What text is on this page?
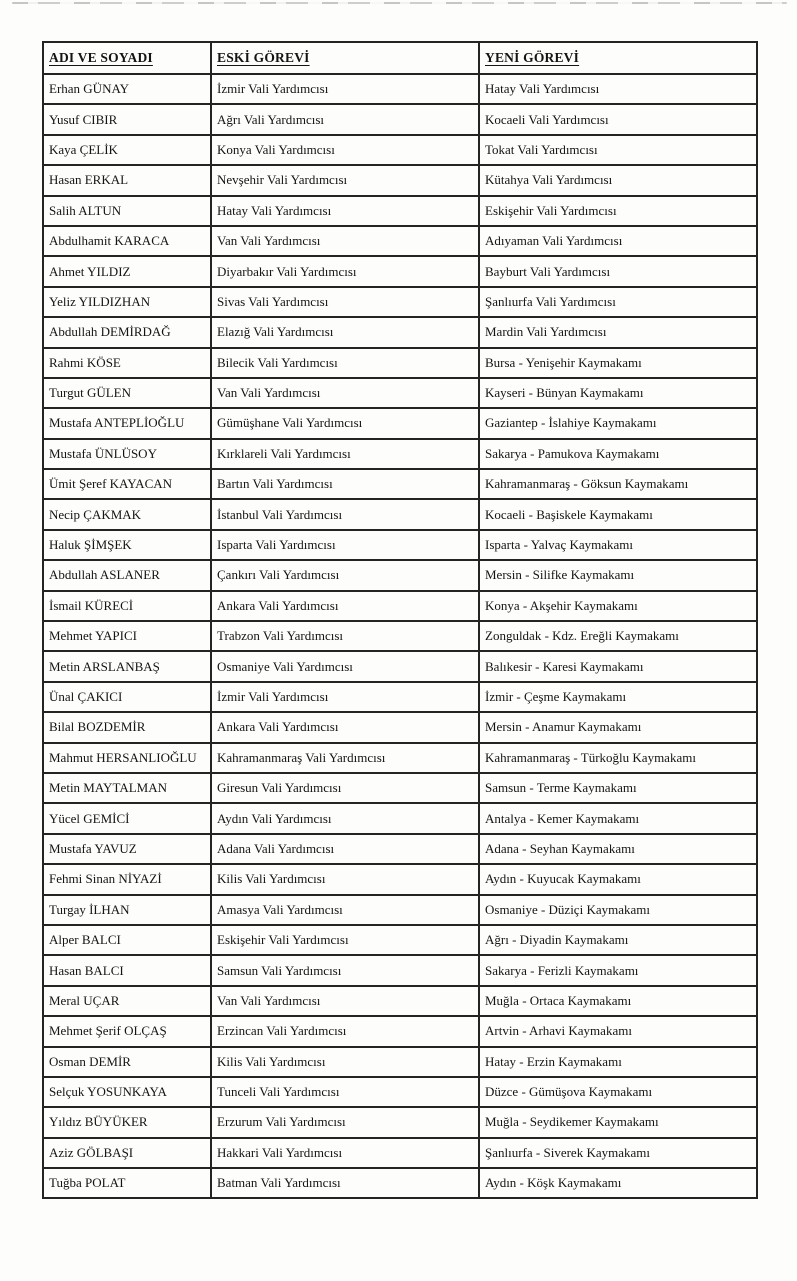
ADI VE SOYADI	ESKİ GÖREVİ	YENİ GÖREVİ
Erhan GÜNAY	İzmir Vali Yardımcısı	Hatay Vali Yardımcısı
Yusuf CIBIR	Ağrı Vali Yardımcısı	Kocaeli Vali Yardımcısı
Kaya ÇELİK	Konya Vali Yardımcısı	Tokat Vali Yardımcısı
Hasan ERKAL	Nevşehir Vali Yardımcısı	Kütahya Vali Yardımcısı
Salih ALTUN	Hatay Vali Yardımcısı	Eskişehir Vali Yardımcısı
Abdulhamit KARACA	Van Vali Yardımcısı	Adıyaman Vali Yardımcısı
Ahmet YILDIZ	Diyarbakır Vali Yardımcısı	Bayburt Vali Yardımcısı
Yeliz YILDIZHAN	Sivas Vali Yardımcısı	Şanlıurfa Vali Yardımcısı
Abdullah DEMİRDAĞ	Elazığ Vali Yardımcısı	Mardin Vali Yardımcısı
Rahmi KÖSE	Bilecik Vali Yardımcısı	Bursa - Yenişehir Kaymakamı
Turgut GÜLEN	Van Vali Yardımcısı	Kayseri - Bünyan Kaymakamı
Mustafa ANTEPLİOĞLU	Gümüşhane Vali Yardımcısı	Gaziantep - İslahiye Kaymakamı
Mustafa ÜNLÜSOY	Kırklareli Vali Yardımcısı	Sakarya - Pamukova Kaymakamı
Ümit Şeref KAYACAN	Bartın Vali Yardımcısı	Kahramanmaraş - Göksun Kaymakamı
Necip ÇAKMAK	İstanbul Vali Yardımcısı	Kocaeli - Başiskele Kaymakamı
Haluk ŞİMŞEK	Isparta Vali Yardımcısı	Isparta - Yalvaç Kaymakamı
Abdullah ASLANER	Çankırı Vali Yardımcısı	Mersin - Silifke Kaymakamı
İsmail KÜRECİ	Ankara Vali Yardımcısı	Konya - Akşehir Kaymakamı
Mehmet YAPICI	Trabzon Vali Yardımcısı	Zonguldak - Kdz. Ereğli Kaymakamı
Metin ARSLANBAŞ	Osmaniye Vali Yardımcısı	Balıkesir - Karesi Kaymakamı
Ünal ÇAKICI	İzmir Vali Yardımcısı	İzmir - Çeşme Kaymakamı
Bilal BOZDEMİR	Ankara Vali Yardımcısı	Mersin - Anamur Kaymakamı
Mahmut HERSANLIOĞLU	Kahramanmaraş Vali Yardımcısı	Kahramanmaraş - Türkoğlu Kaymakamı
Metin MAYTALMAN	Giresun Vali Yardımcısı	Samsun - Terme Kaymakamı
Yücel GEMİCİ	Aydın Vali Yardımcısı	Antalya - Kemer Kaymakamı
Mustafa YAVUZ	Adana Vali Yardımcısı	Adana - Seyhan Kaymakamı
Fehmi Sinan NİYAZİ	Kilis Vali Yardımcısı	Aydın - Kuyucak Kaymakamı
Turgay İLHAN	Amasya Vali Yardımcısı	Osmaniye - Düziçi Kaymakamı
Alper BALCI	Eskişehir Vali Yardımcısı	Ağrı - Diyadin Kaymakamı
Hasan BALCI	Samsun Vali Yardımcısı	Sakarya - Ferizli Kaymakamı
Meral UÇAR	Van Vali Yardımcısı	Muğla - Ortaca Kaymakamı
Mehmet Şerif OLÇAŞ	Erzincan Vali Yardımcısı	Artvin - Arhavi Kaymakamı
Osman DEMİR	Kilis Vali Yardımcısı	Hatay - Erzin Kaymakamı
Selçuk YOSUNKAYA	Tunceli Vali Yardımcısı	Düzce - Gümüşova Kaymakamı
Yıldız BÜYÜKER	Erzurum Vali Yardımcısı	Muğla - Seydikemer Kaymakamı
Aziz GÖLBAŞI	Hakkari Vali Yardımcısı	Şanlıurfa - Siverek Kaymakamı
Tuğba POLAT	Batman Vali Yardımcısı	Aydın - Köşk Kaymakamı
